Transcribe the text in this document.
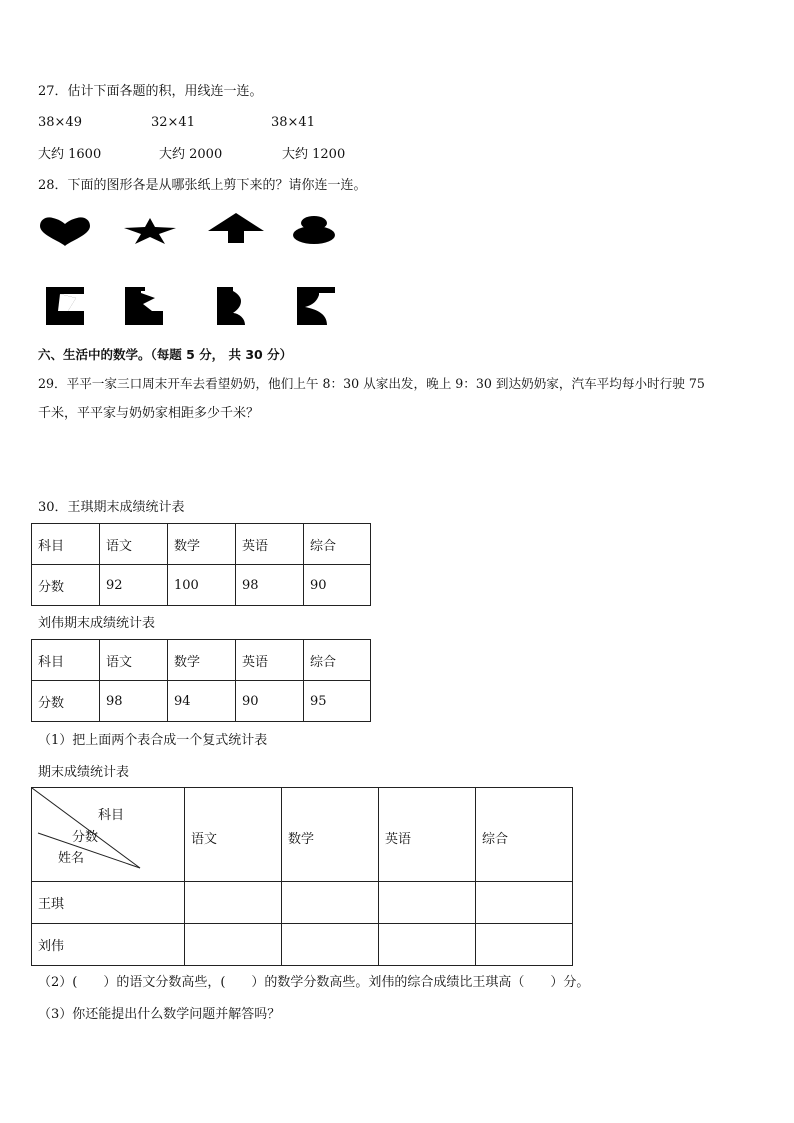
27．估计下面各题的积，用线连一连。
38×49	32×41	38×41
大约 1600	大约 2000	大约 1200
28．下面的图形各是从哪张纸上剪下来的？请你连一连。
六、生活中的数学。（每题 5 分， 共 30 分）
29．平平一家三口周末开车去看望奶奶，他们上午 8：30 从家出发，晚上 9：30 到达奶奶家，汽车平均每小时行驶 75
千米，平平家与奶奶家相距多少千米？
30．王琪期末成绩统计表
科目	语文	数学	英语	综合
分数	92	100	98	90
刘伟期末成绩统计表
科目	语文	数学	英语	综合
分数	98	94	90	95
（1）把上面两个表合成一个复式统计表
期末成绩统计表
科目
分数
姓名	语文	数学	英语	综合
王琪				
刘伟				
（2）(　　）的语文分数高些，(　　）的数学分数高些。刘伟的综合成绩比王琪高（　　）分。
（3）你还能提出什么数学问题并解答吗？
